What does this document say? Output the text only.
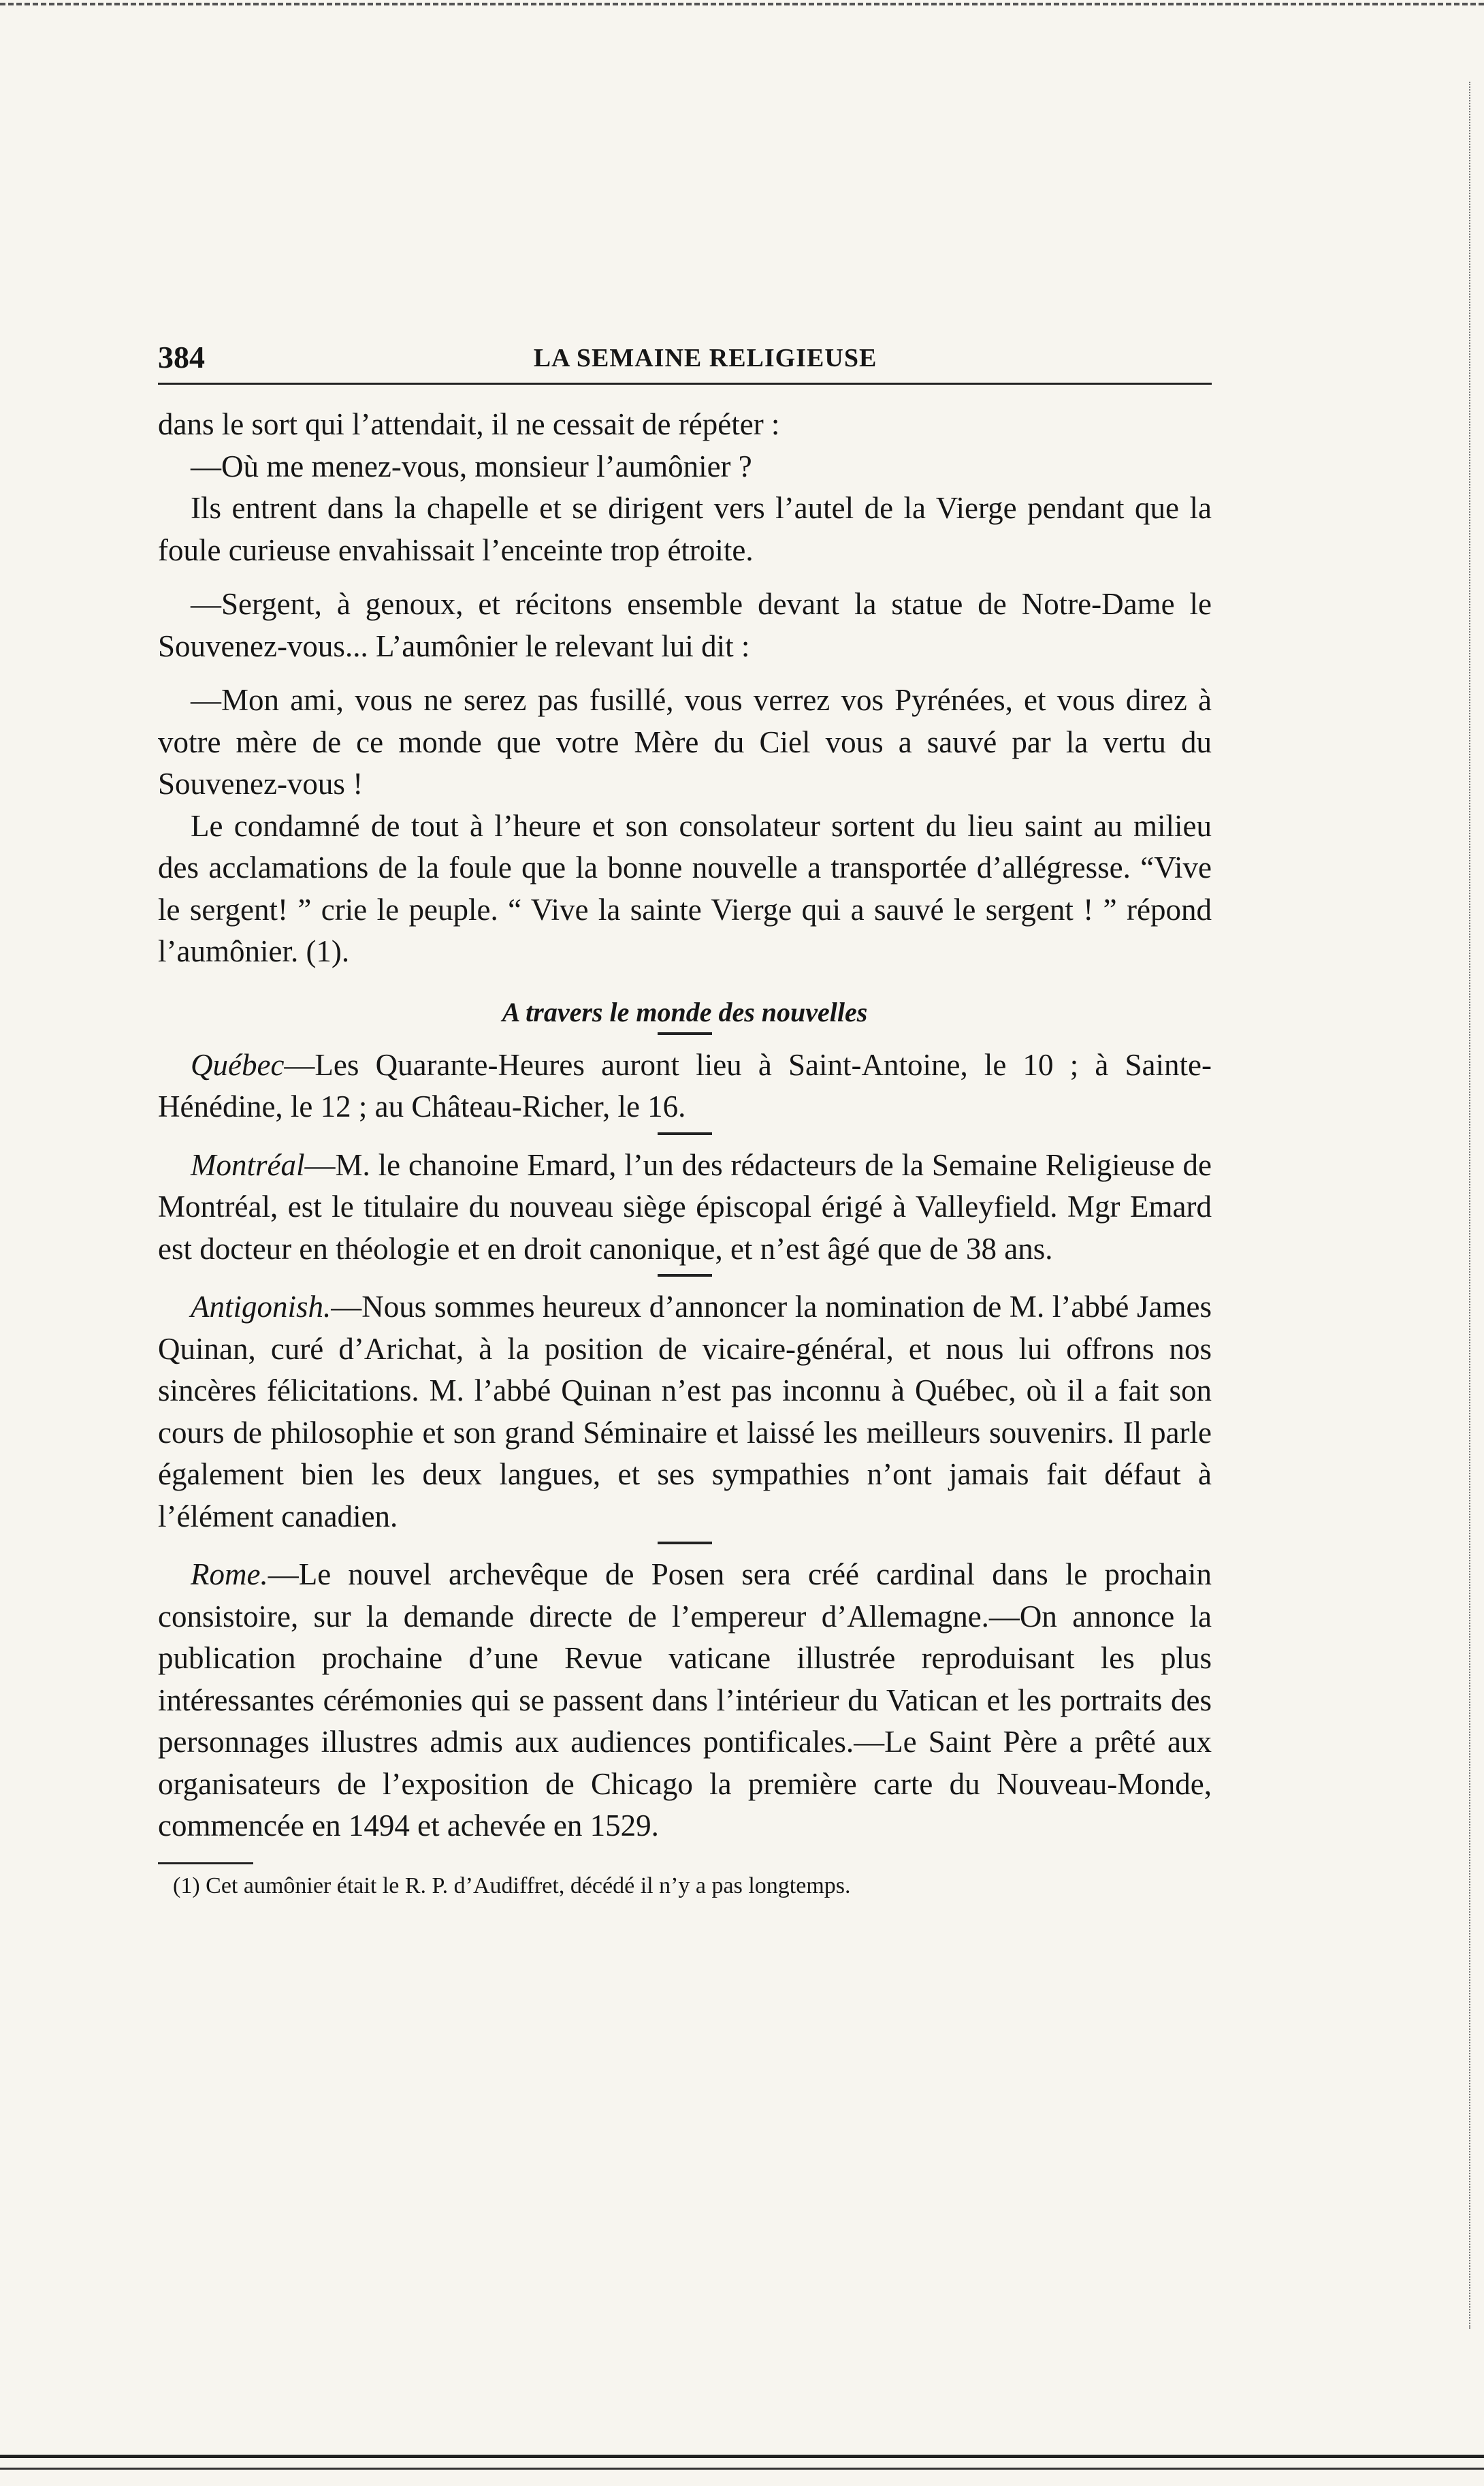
384	LA SEMAINE RELIGIEUSE

dans le sort qui l’attendait, il ne cessait de répéter :

—Où me menez-vous, monsieur l’aumônier ?

Ils entrent dans la chapelle et se dirigent vers l’autel de la Vierge pendant que la foule curieuse envahissait l’enceinte trop étroite.

—Sergent, à genoux, et récitons ensemble devant la statue de Notre-Dame le Souvenez-vous... L’aumônier le relevant lui dit :

—Mon ami, vous ne serez pas fusillé, vous verrez vos Pyrénées, et vous direz à votre mère de ce monde que votre Mère du Ciel vous a sauvé par la vertu du Souvenez-vous !

Le condamné de tout à l’heure et son consolateur sortent du lieu saint au milieu des acclamations de la foule que la bonne nouvelle a transportée d’allégresse. “Vive le sergent! ” crie le peuple. “ Vive la sainte Vierge qui a sauvé le sergent ! ” répond l’aumônier. (1).

A travers le monde des nouvelles

Québec—Les Quarante-Heures auront lieu à Saint-Antoine, le 10 ; à Sainte-Hénédine, le 12 ; au Château-Richer, le 16.

Montréal—M. le chanoine Emard, l’un des rédacteurs de la Semaine Religieuse de Montréal, est le titulaire du nouveau siège épiscopal érigé à Valleyfield. Mgr Emard est docteur en théologie et en droit canonique, et n’est âgé que de 38 ans.

Antigonish.—Nous sommes heureux d’annoncer la nomination de M. l’abbé James Quinan, curé d’Arichat, à la position de vicaire-général, et nous lui offrons nos sincères félicitations. M. l’abbé Quinan n’est pas inconnu à Québec, où il a fait son cours de philosophie et son grand Séminaire et laissé les meilleurs souvenirs. Il parle également bien les deux langues, et ses sympathies n’ont jamais fait défaut à l’élément canadien.

Rome.—Le nouvel archevêque de Posen sera créé cardinal dans le prochain consistoire, sur la demande directe de l’empereur d’Allemagne.—On annonce la publication prochaine d’une Revue vaticane illustrée reproduisant les plus intéressantes cérémonies qui se passent dans l’intérieur du Vatican et les portraits des personnages illustres admis aux audiences pontificales.—Le Saint Père a prêté aux organisateurs de l’exposition de Chicago la première carte du Nouveau-Monde, commencée en 1494 et achevée en 1529.

(1) Cet aumônier était le R. P. d’Audiffret, décédé il n’y a pas longtemps.
